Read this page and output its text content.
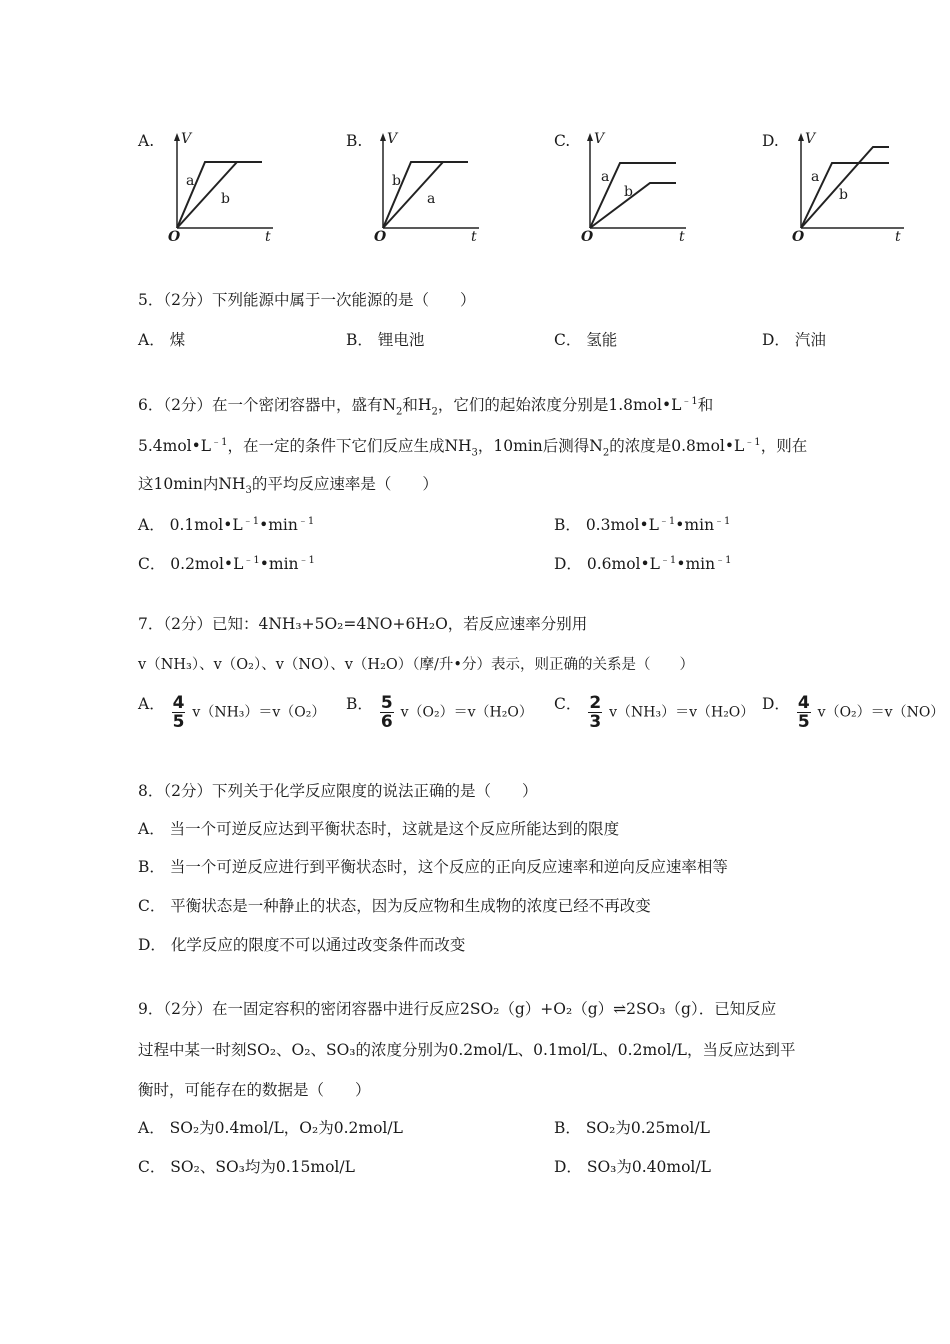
A. V
t
O
a
b
B. V
t
O
b
a
C. V
t
O
a
b
D. V
t
O
a
b
5．（2分）下列能源中属于一次能源的是（　　）
A． 煤	B． 锂电池	C． 氢能	D． 汽油
6．（2分）在一个密闭容器中，盛有$N_2$和$H_2$，它们的起始浓度分别是$1.8mol•L^{﹣1}$和
$5.4mol•L^{﹣1}$，在一定的条件下它们反应生成$NH_3$，10min后测得$N_2$的浓度是$0.8mol•L^{﹣1}$，则在
这10min内$NH_3$的平均反应速率是（　　）
A． $0.1mol•L^{﹣1}•\min^{﹣1}$	B． $0.3mol•L^{﹣1}•\min^{﹣1}$
C． $0.2mol•L^{﹣1}•\min^{﹣1}$	D． $0.6mol•L^{﹣1}•\min^{﹣1}$
7．（2分）已知：4NH₃+5O₂=4NO+6H₂O，若反应速率分别用
v（NH₃）、v（O₂）、v（NO）、v（H₂O）（摩/升•分）表示，则正确的关系是（　　）
A． $\frac{4}{5} v(NH_3)=v(O_2)$ B． $\frac{5}{6} v(O_2)=v(H_2O)$ C． $\frac{2}{3} v(NH_3)=v(H_2O)$ D． $\frac{4}{5} v(O_2)=v(NO)$
8．（2分）下列关于化学反应限度的说法正确的是（　　）
A． 当一个可逆反应达到平衡状态时，这就是这个反应所能达到的限度
B． 当一个可逆反应进行到平衡状态时，这个反应的正向反应速率和逆向反应速率相等
C． 平衡状态是一种静止的状态，因为反应物和生成物的浓度已经不再改变
D． 化学反应的限度不可以通过改变条件而改变
9．（2分）在一固定容积的密闭容器中进行反应2SO₂（g）+O₂（g）⇌2SO₃（g）．已知反应
过程中某一时刻SO₂、O₂、SO₃的浓度分别为0.2mol/L、0.1mol/L、0.2mol/L，当反应达到平
衡时，可能存在的数据是（　　）
A． SO₂为0.4mol/L，O₂为0.2mol/L	B． SO₂为0.25mol/L
C． SO₂、SO₃均为0.15mol/L	D． SO₃为0.40mol/L
